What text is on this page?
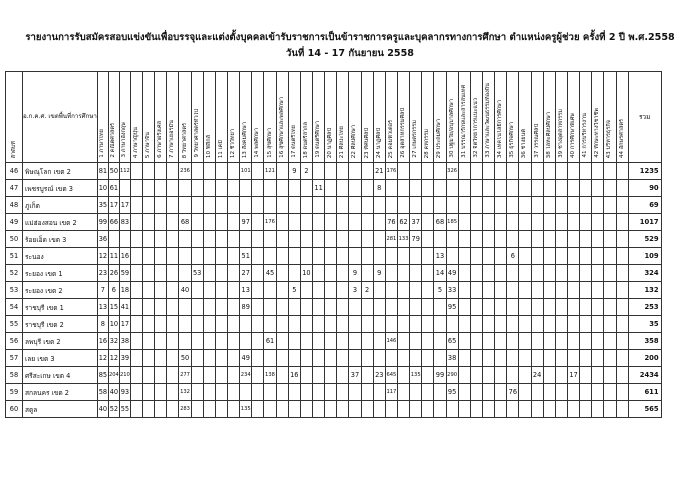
รายงานการรับสมัครสอบแข่งขันเพื่อบรรจุและแต่งตั้งบุคคลเข้ารับราชการเป็นข้าราชการครูและบุคลากรทางการศึกษา ตำแหน่งครูผู้ช่วย ครั้งที่ 2 ปี พ.ศ.2558
วันที่ 14 - 17 กันยายน 2558
ลำดับที่	อ.ก.ค.ศ. เขตพื้นที่การศึกษา	1 ภาษาไทย	2 คณิตศาสตร์	3 ภาษาอังกฤษ	4 ภาษาญี่ปุ่น	5 ภาษาจีน	6 ภาษาฝรั่งเศส	7 ภาษาเยอรมัน	8 วิทยาศาสตร์	9 วิทยาศาสตร์ทั่วไป	10 ฟิสิกส์	11 เคมี	12 ชีววิทยา	13 สังคมศึกษา	14 พลศึกษา	15 สุขศึกษา	16 สุขศึกษาและพลศึกษา	17 ดนตรีไทย	18 ดนตรีสากล	19 ดนตรีศึกษา	20 นาฏศิลป์	21 ศิลปะไทย	22 ศิลปศึกษา	23 ทัศนศิลป์	24 นาฏศิลป์	25 คอมพิวเตอร์	26 อุตสาหกรรมศิลป์	27 เกษตรกรรม	28 คหกรรม	29 ประถมศึกษา	30 ปฐมวัย/อนุบาลศึกษา	31 บรรณารักษ์และสารสนเทศ	32 จิตวิทยาการแนะแนว	33 ภาษาและวัฒนธรรมท้องถิ่น	34 เทคโนโลยีการศึกษา	35 ธุรกิจศึกษา	36 ช่างยนต์	37 วรรณศิลป์	38 โลหะศิลปศึกษา	39 ช่างอุตสาหกรรม	40 การศึกษาพิเศษ	41 การบริหารงาน	42 ทักษะทางวิชาชีพ	43 บริหารธุรกิจ	44 อักษรศาสตร์	รวม
46	พิษณุโลก เขต 2	81	50	112					236					101		121		9	2						21	176					326															1235
47	เพชรบูรณ์ เขต 3	10	61																	11					8																					90
48	ภูเก็ต	35	17	17																																										69
49	แม่ฮ่องสอน เขต 2	99	66	83					68					97		176										76	62	37		68	185															1017
50	ร้อยเอ็ด เขต 3	36																								281	133	79																		529
51	ระนอง	12	11	16										51																13						6										109
52	ระยอง เขต 1	23	26	59						53				27		45			10				9		9					14	49															324
53	ระยอง เขต 2	7	6	18					40					13				5					3	2						5	33															132
54	ราชบุรี เขต 1	13	15	41										89																	95															253
55	ราชบุรี เขต 2	8	10	17																																										35
56	ลพบุรี เขต 2	16	32	38												61										146					65															358
57	เลย เขต 3	12	12	39					50					49																	38															200
58	ศรีสะเกษ เขต 4	85	204	210					277					234		138		16					37		23	645		135		99	290							24			17					2434
59	สกลนคร เขต 2	58	40	93					132																	117					95					76										611
60	สตูล	40	52	55					283					135																																565
